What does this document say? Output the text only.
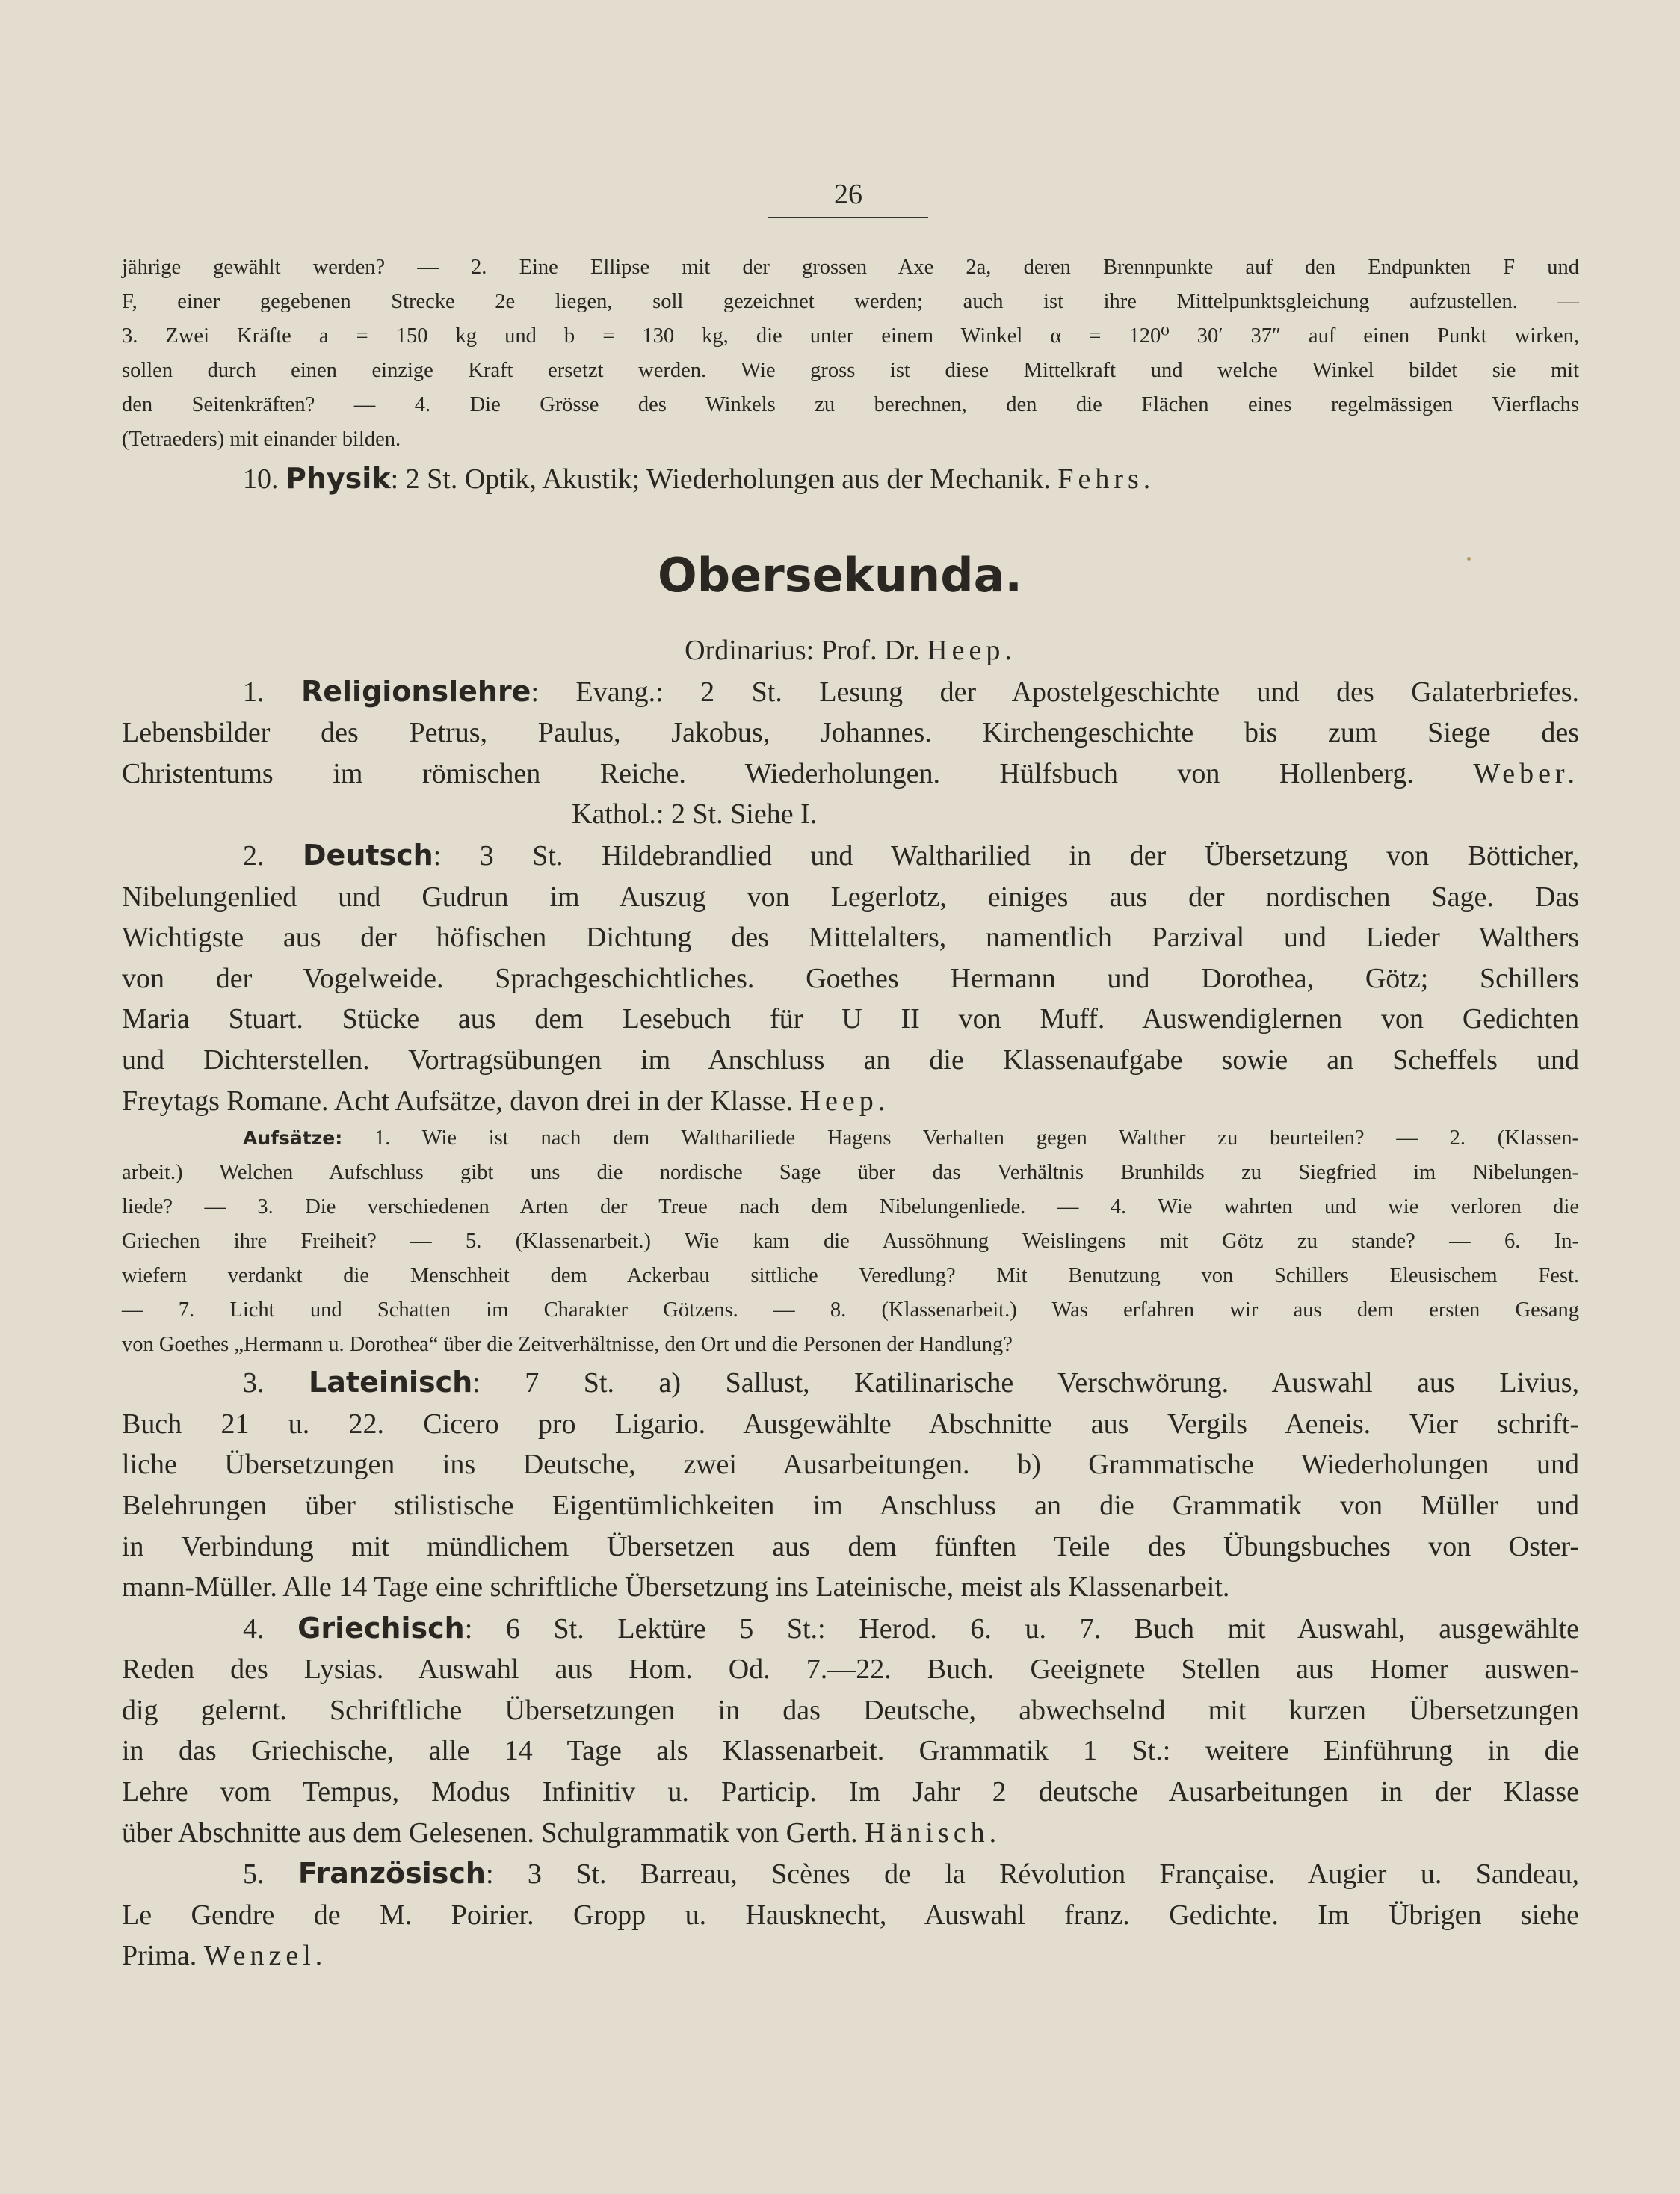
26

jährige gewählt werden? — 2. Eine Ellipse mit der grossen Axe 2a, deren Brennpunkte auf den Endpunkten F und

F, einer gegebenen Strecke 2e liegen, soll gezeichnet werden; auch ist ihre Mittelpunktsgleichung aufzustellen. —

3. Zwei Kräfte a = 150 kg und b = 130 kg, die unter einem Winkel α = 120⁰ 30′ 37″ auf einen Punkt wirken,

sollen durch einen einzige Kraft ersetzt werden. Wie gross ist diese Mittelkraft und welche Winkel bildet sie mit

den Seitenkräften? — 4. Die Grösse des Winkels zu berechnen, den die Flächen eines regelmässigen Vierflachs

(Tetraeders) mit einander bilden.

10. Physik: 2 St. Optik, Akustik; Wiederholungen aus der Mechanik. Fehrs.

Obersekunda.

Ordinarius: Prof. Dr. Heep.

1. Religionslehre: Evang.: 2 St. Lesung der Apostelgeschichte und des Galaterbriefes.

Lebensbilder des Petrus, Paulus, Jakobus, Johannes. Kirchengeschichte bis zum Siege des

Christentums im römischen Reiche. Wiederholungen. Hülfsbuch von Hollenberg. Weber.

Kathol.: 2 St. Siehe I.

2. Deutsch: 3 St. Hildebrandlied und Waltharilied in der Übersetzung von Bötticher,

Nibelungenlied und Gudrun im Auszug von Legerlotz, einiges aus der nordischen Sage. Das

Wichtigste aus der höfischen Dichtung des Mittelalters, namentlich Parzival und Lieder Walthers

von der Vogelweide. Sprachgeschichtliches. Goethes Hermann und Dorothea, Götz; Schillers

Maria Stuart. Stücke aus dem Lesebuch für U II von Muff. Auswendiglernen von Gedichten

und Dichterstellen. Vortragsübungen im Anschluss an die Klassenaufgabe sowie an Scheffels und

Freytags Romane. Acht Aufsätze, davon drei in der Klasse. Heep.

Aufsätze: 1. Wie ist nach dem Walthariliede Hagens Verhalten gegen Walther zu beurteilen? — 2. (Klassen-

arbeit.) Welchen Aufschluss gibt uns die nordische Sage über das Verhältnis Brunhilds zu Siegfried im Nibelungen-

liede? — 3. Die verschiedenen Arten der Treue nach dem Nibelungenliede. — 4. Wie wahrten und wie verloren die

Griechen ihre Freiheit? — 5. (Klassenarbeit.) Wie kam die Aussöhnung Weislingens mit Götz zu stande? — 6. In-

wiefern verdankt die Menschheit dem Ackerbau sittliche Veredlung? Mit Benutzung von Schillers Eleusischem Fest.

— 7. Licht und Schatten im Charakter Götzens. — 8. (Klassenarbeit.) Was erfahren wir aus dem ersten Gesang

von Goethes „Hermann u. Dorothea“ über die Zeitverhältnisse, den Ort und die Personen der Handlung?

3. Lateinisch: 7 St. a) Sallust, Katilinarische Verschwörung. Auswahl aus Livius,

Buch 21 u. 22. Cicero pro Ligario. Ausgewählte Abschnitte aus Vergils Aeneis. Vier schrift-

liche Übersetzungen ins Deutsche, zwei Ausarbeitungen. b) Grammatische Wiederholungen und

Belehrungen über stilistische Eigentümlichkeiten im Anschluss an die Grammatik von Müller und

in Verbindung mit mündlichem Übersetzen aus dem fünften Teile des Übungsbuches von Oster-

mann-Müller. Alle 14 Tage eine schriftliche Übersetzung ins Lateinische, meist als Klassenarbeit.

4. Griechisch: 6 St. Lektüre 5 St.: Herod. 6. u. 7. Buch mit Auswahl, ausgewählte

Reden des Lysias. Auswahl aus Hom. Od. 7.—22. Buch. Geeignete Stellen aus Homer auswen-

dig gelernt. Schriftliche Übersetzungen in das Deutsche, abwechselnd mit kurzen Übersetzungen

in das Griechische, alle 14 Tage als Klassenarbeit. Grammatik 1 St.: weitere Einführung in die

Lehre vom Tempus, Modus Infinitiv u. Particip. Im Jahr 2 deutsche Ausarbeitungen in der Klasse

über Abschnitte aus dem Gelesenen. Schulgrammatik von Gerth. Hänisch.

5. Französisch: 3 St. Barreau, Scènes de la Révolution Française. Augier u. Sandeau,

Le Gendre de M. Poirier. Gropp u. Hausknecht, Auswahl franz. Gedichte. Im Übrigen siehe

Prima. Wenzel.
